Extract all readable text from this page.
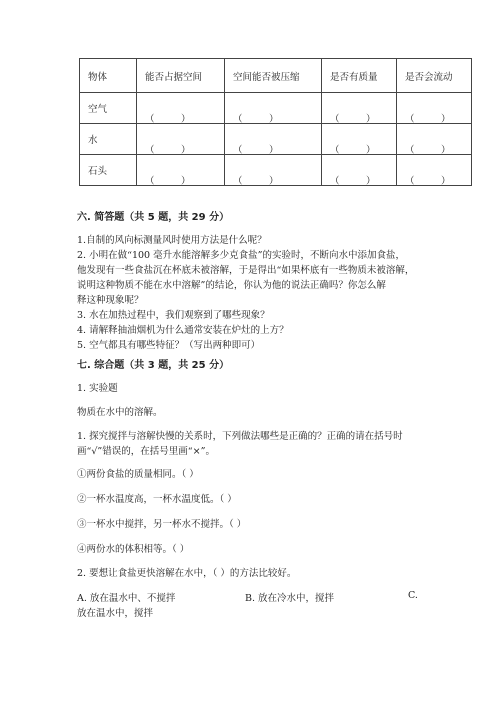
物体	能否占据空间	空间能否被压缩	是否有质量	是否会流动
空气	（ ）	（ ）	（ ）	（ ）

水	（ ）	（ ）	（ ）	（ ）

石头	（ ）	（ ）	（ ）	（ ）
六. 简答题（共 5 题，共 29 分）
1.自制的风向标测量风时使用方法是什么呢？
2. 小明在做“100 毫升水能溶解多少克食盐”的实验时，不断向水中添加食盐，
他发现有一些食盐沉在杯底未被溶解，于是得出“如果杯底有一些物质未被溶解，
说明这种物质不能在水中溶解”的结论，你认为他的说法正确吗？你怎么解
释这种现象呢？
3. 水在加热过程中，我们观察到了哪些现象？
4. 请解释抽油烟机为什么通常安装在炉灶的上方？
5. 空气都具有哪些特征？（写出两种即可）
七. 综合题（共 3 题，共 25 分）
1. 实验题
物质在水中的溶解。
1. 探究搅拌与溶解快慢的关系时，下列做法哪些是正确的？正确的请在括号时
画“√”错误的，在括号里画“×”。
①两份食盐的质量相同。（ ）
②一杯水温度高，一杯水温度低。（ ）
③一杯水中搅拌，另一杯水不搅拌。（ ）
④两份水的体积相等。（ ）
2. 要想让食盐更快溶解在水中，（ ）的方法比较好。
A. 放在温水中、不搅拌	B. 放在冷水中，搅拌	C.
放在温水中，搅拌
